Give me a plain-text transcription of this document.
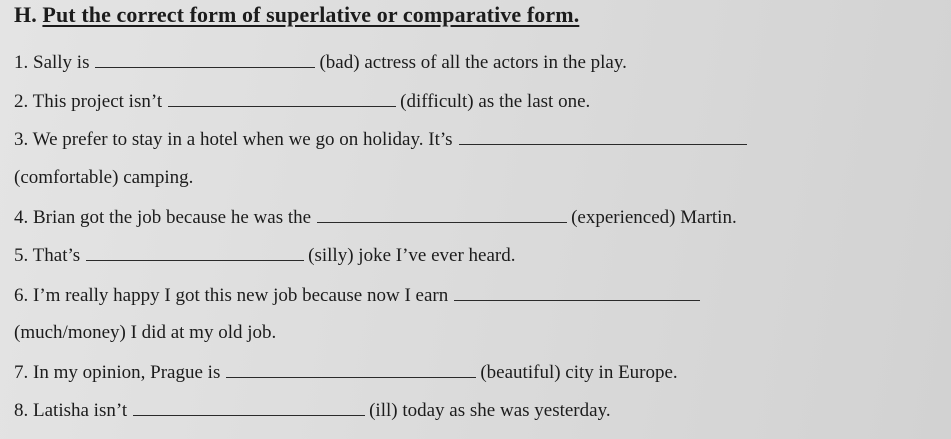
H. Put the correct form of superlative or comparative form.
1. Sally is	(bad) actress of all the actors in the play.
2. This project isn’t	(difficult) as the last one.
3. We prefer to stay in a hotel when we go on holiday. It’s
(comfortable) camping.
4. Brian got the job because he was the	(experienced) Martin.
5. That’s	(silly) joke I’ve ever heard.
6. I’m really happy I got this new job because now I earn
(much/money) I did at my old job.
7. In my opinion, Prague is	(beautiful) city in Europe.
8. Latisha isn’t	(ill) today as she was yesterday.
